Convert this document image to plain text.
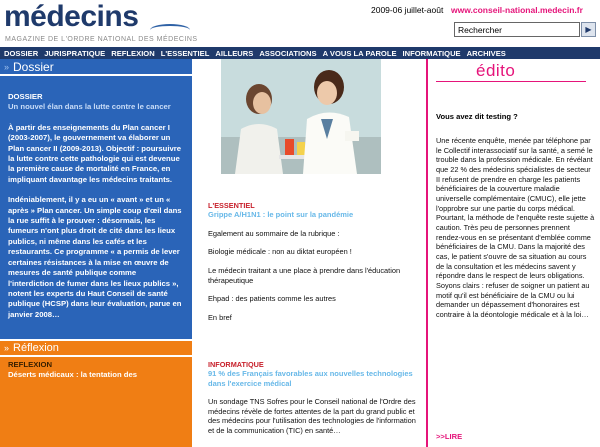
médecins
MAGAZINE DE L'ORDRE NATIONAL DES MÉDECINS
2009-06 juillet-août www.conseil-national.medecin.fr
Rechercher
▶
DOSSIER JURISPRATIQUE REFLEXION L'ESSENTIEL AILLEURS ASSOCIATIONS A VOUS LA PAROLE INFORMATIQUE ARCHIVES
» Dossier
DOSSIER
Un nouvel élan dans la lutte contre le cancer

À partir des enseignements du Plan cancer I (2003-2007), le gouvernement va élaborer un Plan cancer II (2009-2013). Objectif : poursuivre la lutte contre cette pathologie qui est devenue la première cause de mortalité en France, en impliquant davantage les médecins traitants.

Indéniablement, il y a eu un « avant » et un « après » Plan cancer. Un simple coup d'œil dans la rue suffit à le prouver : désormais, les fumeurs n'ont plus droit de cité dans les lieux publics, ni même dans les cafés et les restaurants. Ce programme « a permis de lever certaines résistances à la mise en œuvre de mesures de santé publique comme l'interdiction de fumer dans les lieux publics », notent les experts du Haut Conseil de santé publique (HCSP) dans leur évaluation, parue en janvier 2008…

» Réflexion
REFLEXION
Déserts médicaux : la tentation des
L'ESSENTIEL
Grippe A/H1N1 : le point sur la pandémie
Egalement au sommaire de la rubrique :
Biologie médicale : non au diktat européen !
Le médecin traitant a une place à prendre dans l'éducation thérapeutique
Ehpad : des patients comme les autres
En bref
INFORMATIQUE
91 % des Français favorables aux nouvelles technologies dans l'exercice médical
Un sondage TNS Sofres pour le Conseil national de l'Ordre des médecins révèle de fortes attentes de la part du grand public et des médecins pour l'utilisation des technologies de l'information et de la communication (TIC) en santé…
édito
Vous avez dit testing ?
Une récente enquête, menée par téléphone par le Collectif interassociatif sur la santé, a semé le trouble dans la profession médicale. En révélant que 22 % des médecins spécialistes de secteur II refusent de prendre en charge les patients bénéficiaires de la couverture maladie universelle complémentaire (CMUC), elle jette l'opprobre sur une partie du corps médical. Pourtant, la méthode de l'enquête reste sujette à caution. Très peu de personnes prennent rendez-vous en se présentant d'emblée comme bénéficiaires de la CMU. Dans la majorité des cas, le patient s'ouvre de sa situation au cours de la consultation et les médecins savent y répondre dans le respect de leurs obligations. Soyons clairs : refuser de soigner un patient au motif qu'il est bénéficiaire de la CMU ou lui demander un dépassement d'honoraires est contraire à la déontologie médicale et à la loi…
>>LIRE
